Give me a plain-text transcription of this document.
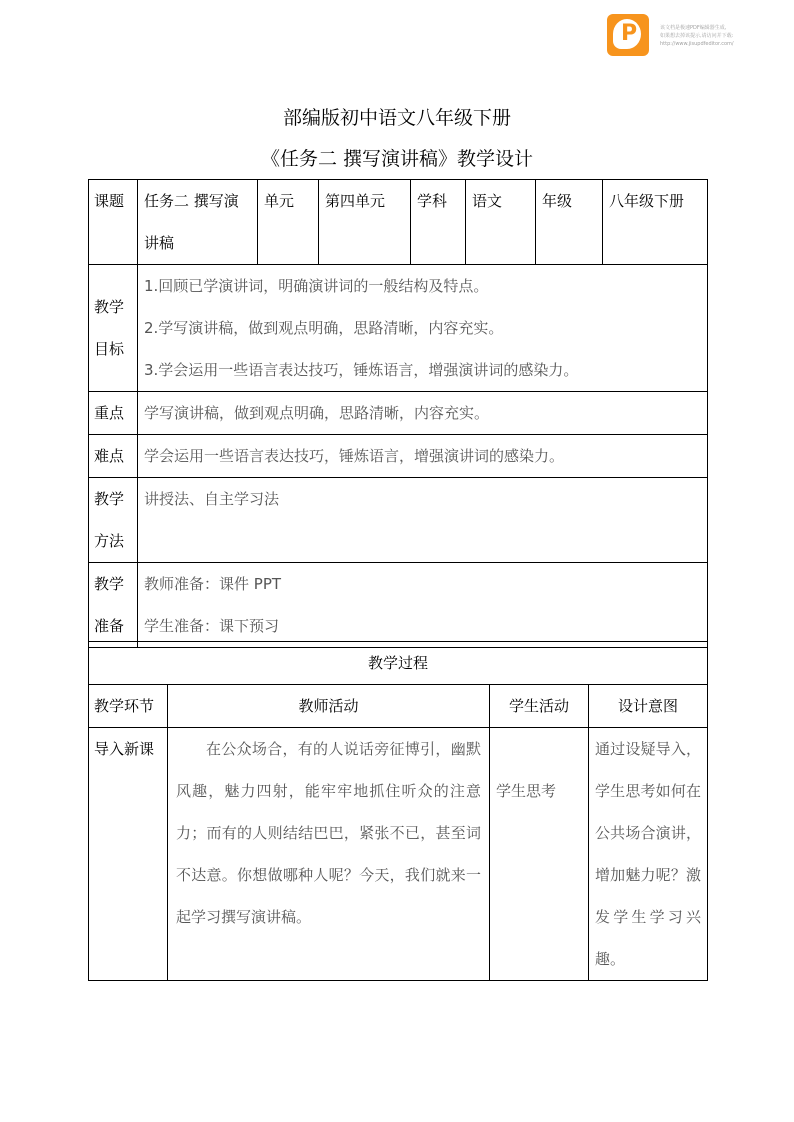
P	该文档是极速PDF编辑器生成,
如果想去掉该提示,请访问并下载:
http://www.jisupdfeditor.com/
部编版初中语文八年级下册
《任务二 撰写演讲稿》教学设计
课题	任务二 撰写演讲稿	单元	第四单元	学科	语文	年级	八年级下册
教学目标	1.回顾已学演讲词，明确演讲词的一般结构及特点。
2.学写演讲稿，做到观点明确，思路清晰，内容充实。
3.学会运用一些语言表达技巧，锤炼语言，增强演讲词的感染力。						

重点	学写演讲稿，做到观点明确，思路清晰，内容充实。						
难点	学会运用一些语言表达技巧，锤炼语言，增强演讲词的感染力。						
教学方法	讲授法、自主学习法						
教学准备	教师准备：课件 PPT
学生准备：课下预习						
教学过程			
教学环节	教师活动	学生活动	设计意图
导入新课	在公众场合，有的人说话旁征博引，幽默风趣，魅力四射，能牢牢地抓住听众的注意力；而有的人则结结巴巴，紧张不已，甚至词不达意。你想做哪种人呢？今天，我们就来一起学习撰写演讲稿。	学生思考	通过设疑导入，学生思考如何在公共场合演讲，增加魅力呢？激发学生学习兴趣。
